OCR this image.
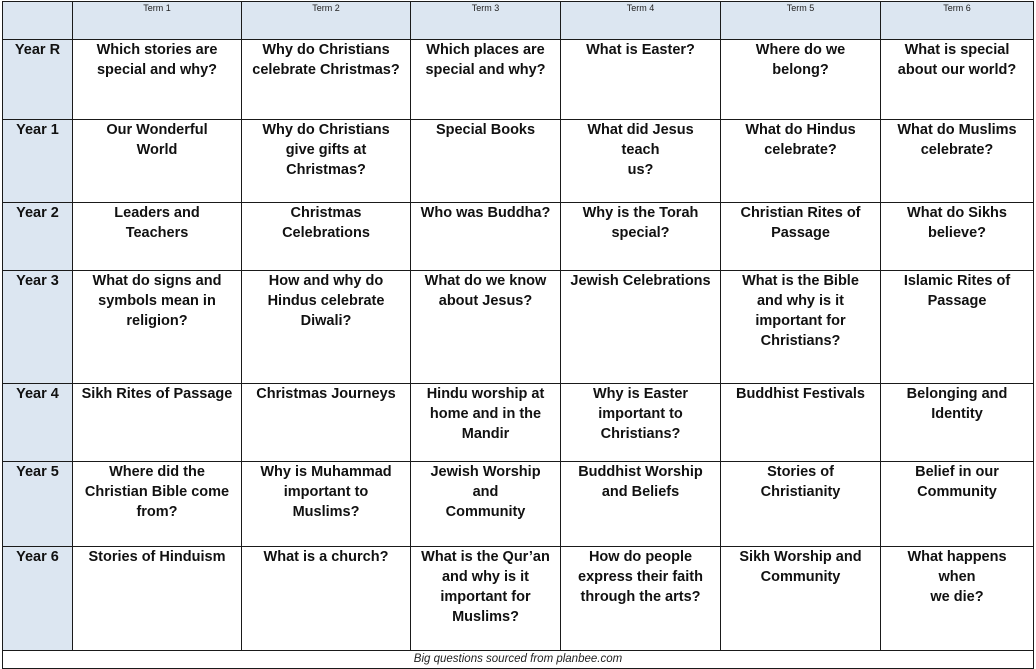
	Term 1	Term 2	Term 3	Term 4	Term 5	Term 6
Year R	Which stories are
special and why?	Why do Christians
celebrate Christmas?	Which places are
special and why?	What is Easter?	Where do we
belong?	What is special
about our world?
Year 1	Our Wonderful
World	Why do Christians
give gifts at
Christmas?	Special Books	What did Jesus
teach
us?	What do Hindus
celebrate?	What do Muslims
celebrate?
Year 2	Leaders and
Teachers	Christmas
Celebrations	Who was Buddha?	Why is the Torah
special?	Christian Rites of
Passage	What do Sikhs
believe?
Year 3	What do signs and
symbols mean in
religion?	How and why do
Hindus celebrate
Diwali?	What do we know
about Jesus?	Jewish Celebrations	What is the Bible
and why is it
important for
Christians?	Islamic Rites of
Passage
Year 4	Sikh Rites of Passage	Christmas Journeys	Hindu worship at
home and in the
Mandir	Why is Easter
important to
Christians?	Buddhist Festivals	Belonging and
Identity
Year 5	Where did the
Christian Bible come
from?	Why is Muhammad
important to
Muslims?	Jewish Worship
and
Community	Buddhist Worship
and Beliefs	Stories of
Christianity	Belief in our
Community
Year 6	Stories of Hinduism	What is a church?	What is the Qur’an
and why is it
important for
Muslims?	How do people
express their faith
through the arts?	Sikh Worship and
Community	What happens
when
we die?
Big questions sourced from planbee.com						
